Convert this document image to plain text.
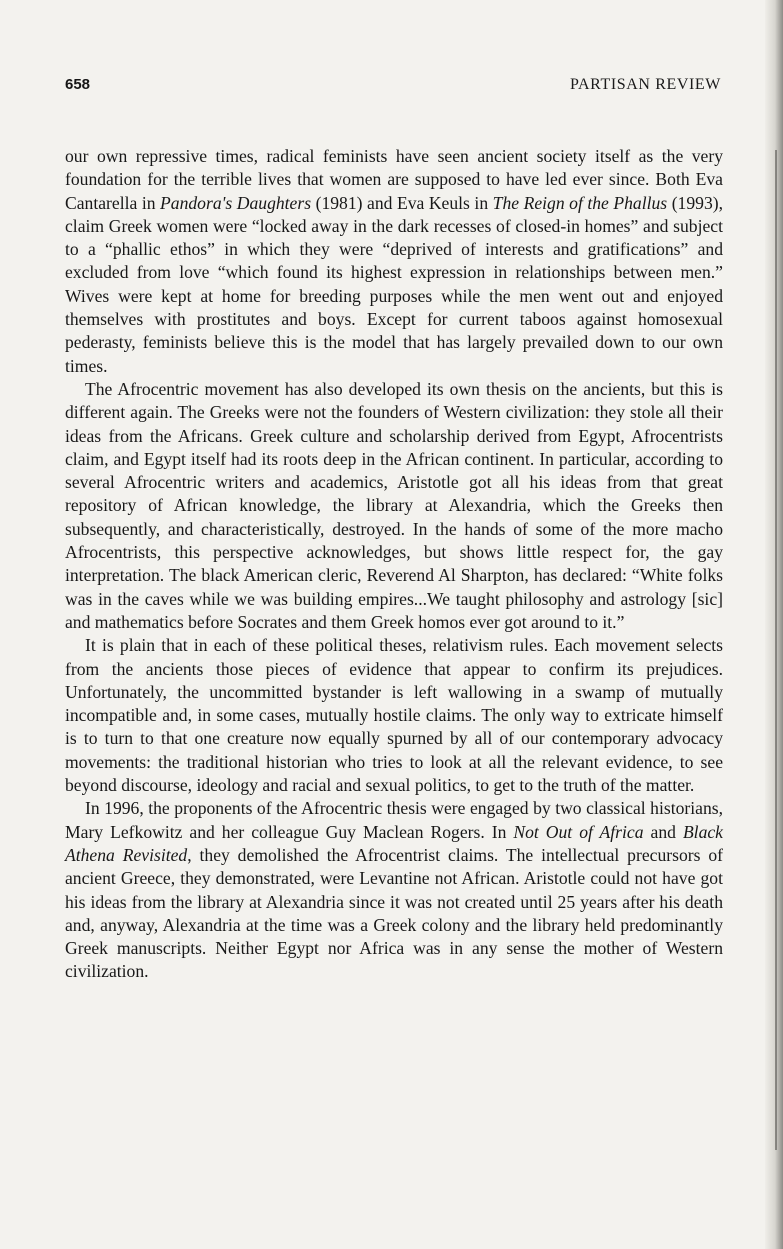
658	PARTISAN REVIEW

our own repressive times, radical feminists have seen ancient society itself as the very foundation for the terrible lives that women are supposed to have led ever since. Both Eva Cantarella in Pandora's Daughters (1981) and Eva Keuls in The Reign of the Phallus (1993), claim Greek women were “locked away in the dark recesses of closed-in homes” and subject to a “phallic ethos” in which they were “deprived of interests and gratifications” and excluded from love “which found its highest expression in relationships between men.” Wives were kept at home for breeding purposes while the men went out and enjoyed themselves with prostitutes and boys. Except for current taboos against homosexual pederasty, feminists believe this is the model that has largely prevailed down to our own times.

The Afrocentric movement has also developed its own thesis on the ancients, but this is different again. The Greeks were not the founders of Western civilization: they stole all their ideas from the Africans. Greek culture and scholarship derived from Egypt, Afrocentrists claim, and Egypt itself had its roots deep in the African continent. In particular, according to several Afrocentric writers and academics, Aristotle got all his ideas from that great repository of African knowledge, the library at Alexandria, which the Greeks then subsequently, and characteristically, destroyed. In the hands of some of the more macho Afrocentrists, this perspective acknowledges, but shows little respect for, the gay interpretation. The black American cleric, Reverend Al Sharpton, has declared: “White folks was in the caves while we was building empires...We taught philosophy and astrology [sic] and mathematics before Socrates and them Greek homos ever got around to it.”

It is plain that in each of these political theses, relativism rules. Each movement selects from the ancients those pieces of evidence that appear to confirm its prejudices. Unfortunately, the uncommitted bystander is left wallowing in a swamp of mutually incompatible and, in some cases, mutually hostile claims. The only way to extricate himself is to turn to that one creature now equally spurned by all of our contemporary advocacy movements: the traditional historian who tries to look at all the relevant evidence, to see beyond discourse, ideology and racial and sexual politics, to get to the truth of the matter.

In 1996, the proponents of the Afrocentric thesis were engaged by two classical historians, Mary Lefkowitz and her colleague Guy Maclean Rogers. In Not Out of Africa and Black Athena Revisited, they demolished the Afrocentrist claims. The intellectual precursors of ancient Greece, they demonstrated, were Levantine not African. Aristotle could not have got his ideas from the library at Alexandria since it was not created until 25 years after his death and, anyway, Alexandria at the time was a Greek colony and the library held predominantly Greek manuscripts. Neither Egypt nor Africa was in any sense the mother of Western civilization.
